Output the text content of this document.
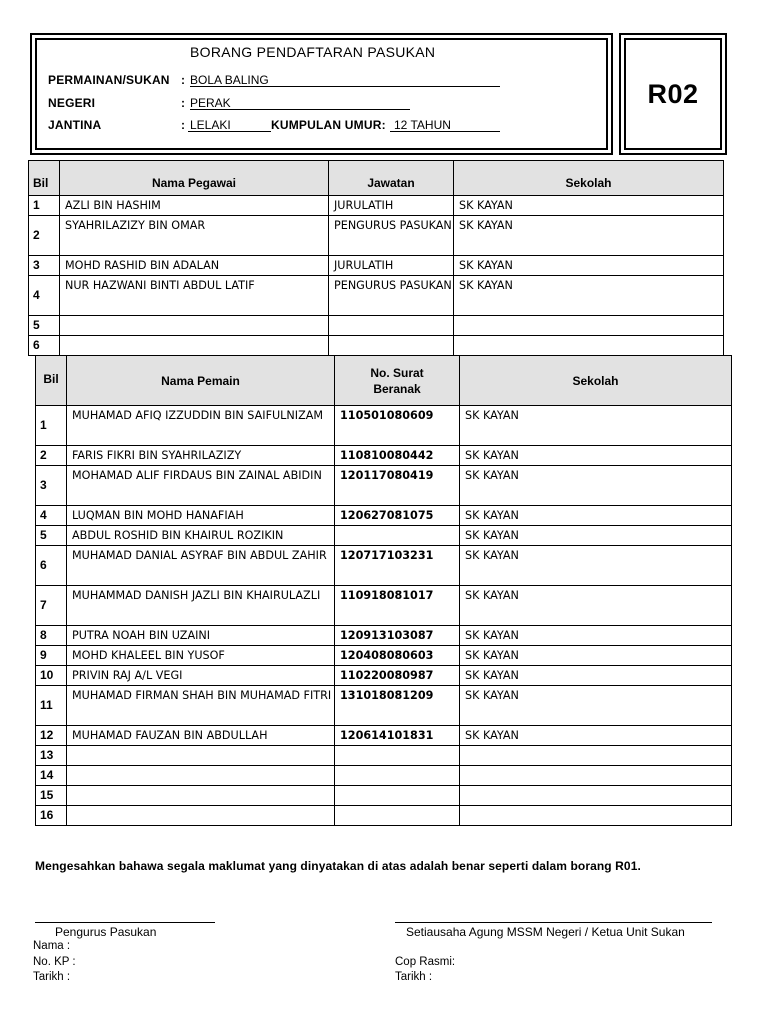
R02
BORANG PENDAFTARAN PASUKAN
PERMAINAN/SUKAN : BOLA BALING
NEGERI	: PERAK
JANTINA	: LELAKI	KUMPULAN UMUR: 12 TAHUN
Bil	Nama Pegawai	Jawatan	Sekolah
1	AZLI BIN HASHIM	JURULATIH	SK KAYAN
2	SYAHRILAZIZY BIN OMAR	PENGURUS PASUKAN	SK KAYAN
3	MOHD RASHID BIN ADALAN	JURULATIH	SK KAYAN
4	NUR HAZWANI BINTI ABDUL LATIF	PENGURUS PASUKAN	SK KAYAN
5			
6			
Bil	Nama Pemain	No. Surat Beranak	Sekolah
1	MUHAMAD AFIQ IZZUDDIN BIN SAIFULNIZAM	110501080609	SK KAYAN
2	FARIS FIKRI BIN SYAHRILAZIZY	110810080442	SK KAYAN
3	MOHAMAD ALIF FIRDAUS BIN ZAINAL ABIDIN	120117080419	SK KAYAN
4	LUQMAN BIN MOHD HANAFIAH	120627081075	SK KAYAN
5	ABDUL ROSHID BIN KHAIRUL ROZIKIN		SK KAYAN
6	MUHAMAD DANIAL ASYRAF BIN ABDUL ZAHIR	120717103231	SK KAYAN
7	MUHAMMAD DANISH JAZLI BIN KHAIRULAZLI	110918081017	SK KAYAN
8	PUTRA NOAH BIN UZAINI	120913103087	SK KAYAN
9	MOHD KHALEEL BIN YUSOF	120408080603	SK KAYAN
10	PRIVIN RAJ A/L VEGI	110220080987	SK KAYAN
11	MUHAMAD FIRMAN SHAH BIN MUHAMAD FITRI	131018081209	SK KAYAN
12	MUHAMAD FAUZAN BIN ABDULLAH	120614101831	SK KAYAN
13			
14			
15			
16			
Mengesahkan bahawa segala maklumat yang dinyatakan di atas adalah benar seperti dalam borang R01.
Pengurus Pasukan
Nama :
No. KP :
Tarikh :
Setiausaha Agung MSSM Negeri / Ketua Unit Sukan
Cop Rasmi:
Tarikh :
